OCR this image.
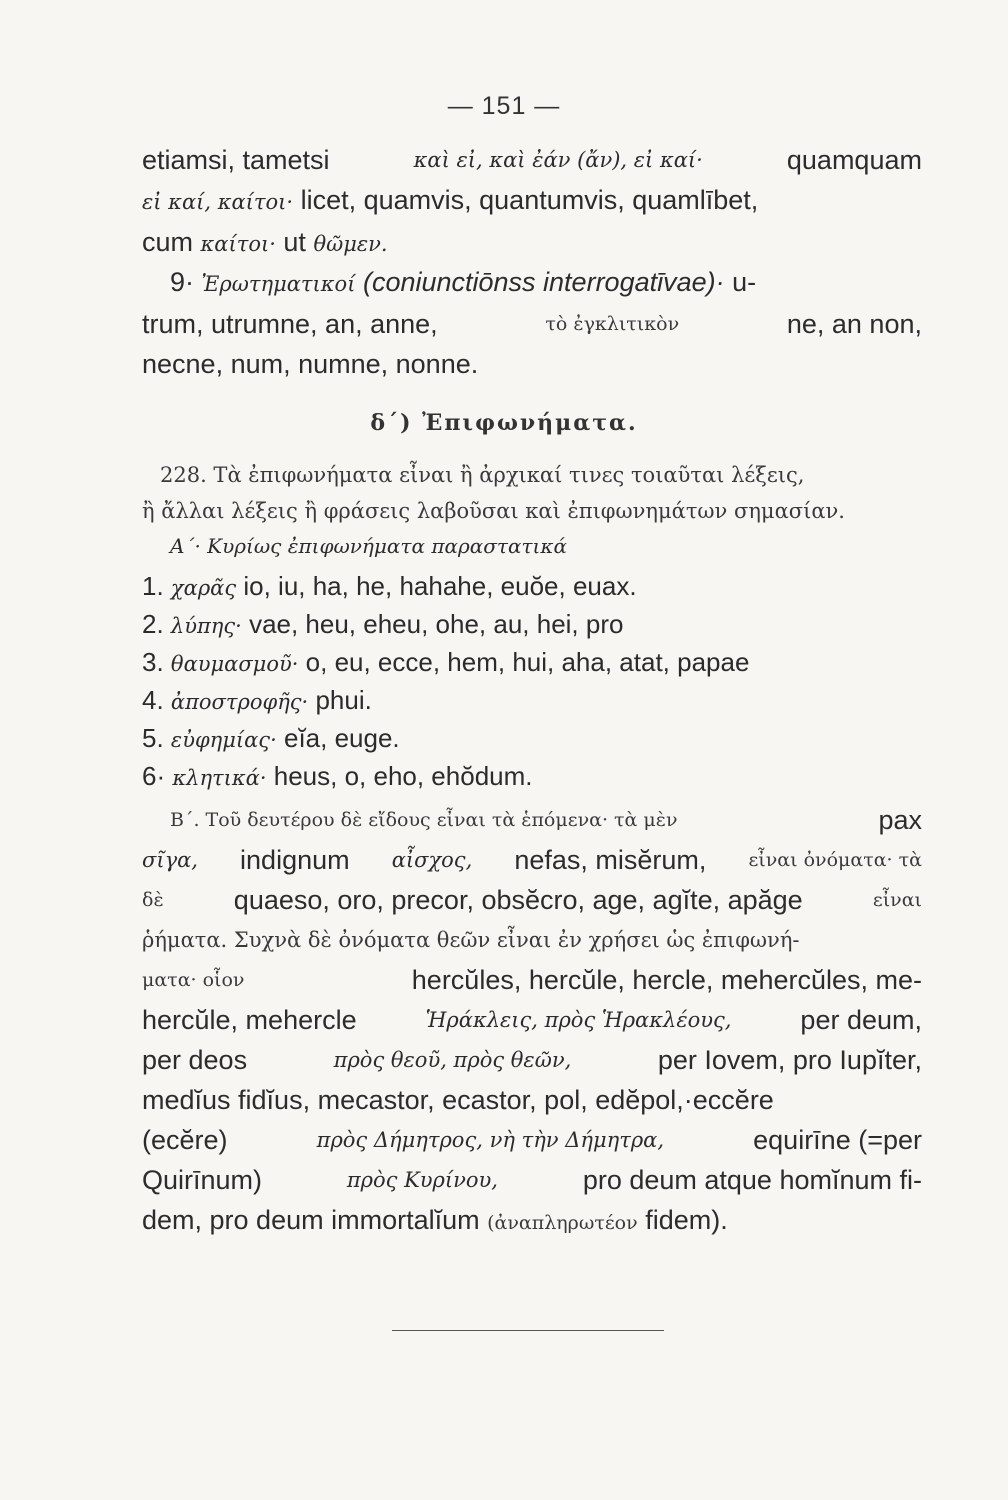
— 151 —
etiamsi, tametsi	καὶ εἰ, καὶ ἐάν (ἄν), εἰ καί·	quamquam
εἰ καί, καίτοι· licet, quamvis, quantumvis, quamlībet,
cum καίτοι· ut θῶμεν.
9· Ἐρωτηματικοί (coniunctiōnss interrogatīvae)· u-
trum, utrumne, an, anne,	τὸ ἐγκλιτικὸν	ne, an non,
necne, num, numne, nonne.
δ΄) Ἐπιφωνήματα.
228. Τὰ ἐπιφωνήματα εἶναι ἢ ἀρχικαί τινες τοιαῦται λέξεις,
ἢ ἄλλαι λέξεις ἢ φράσεις λαβοῦσαι καὶ ἐπιφωνημάτων σημασίαν.
Α΄· Κυρίως ἐπιφωνήματα παραστατικά
1. χαρᾶς io, iu, ha, he, hahahe, euŏe, euax.
2. λύπης· vae, heu, eheu, ohe, au, hei, pro
3. θαυμασμοῦ· o, eu, ecce, hem, hui, aha, atat, papae
4. ἀποστροφῆς· phui.
5. εὐφημίας· eĭa, euge.
6· κλητικά· heus, o, eho, ehŏdum.
Β΄. Τοῦ δευτέρου δὲ εἴδους εἶναι τὰ ἑπόμενα· τὰ μὲν	pax
σῖγα, indignum αἶσχος, nefas, misĕrum, εἶναι ὀνόματα· τὰ
δὲ	quaeso, oro, precor, obsĕcro, age, agĭte, apăge	εἶναι
ῥήματα. Συχνὰ δὲ ὀνόματα θεῶν εἶναι ἐν χρήσει ὡς ἐπιφωνή-
ματα· οἷον	hercŭles, hercŭle, hercle, mehercŭles, me-
hercŭle, mehercle	Ἡράκλεις, πρὸς Ἡρακλέους,	per deum,
per deos	πρὸς θεοῦ, πρὸς θεῶν,	per Iovem, pro Iupĭter,
medĭus fidĭus, mecastor, ecastor, pol, edĕpol,·eccĕre
(ecĕre)	πρὸς Δήμητρος, νὴ τὴν Δήμητρα,	equirīne (=per
Quirīnum)	πρὸς Κυρίνου,	pro deum atque homĭnum fi-
dem, pro deum immortalĭum (ἀναπληρωτέον fidem).
